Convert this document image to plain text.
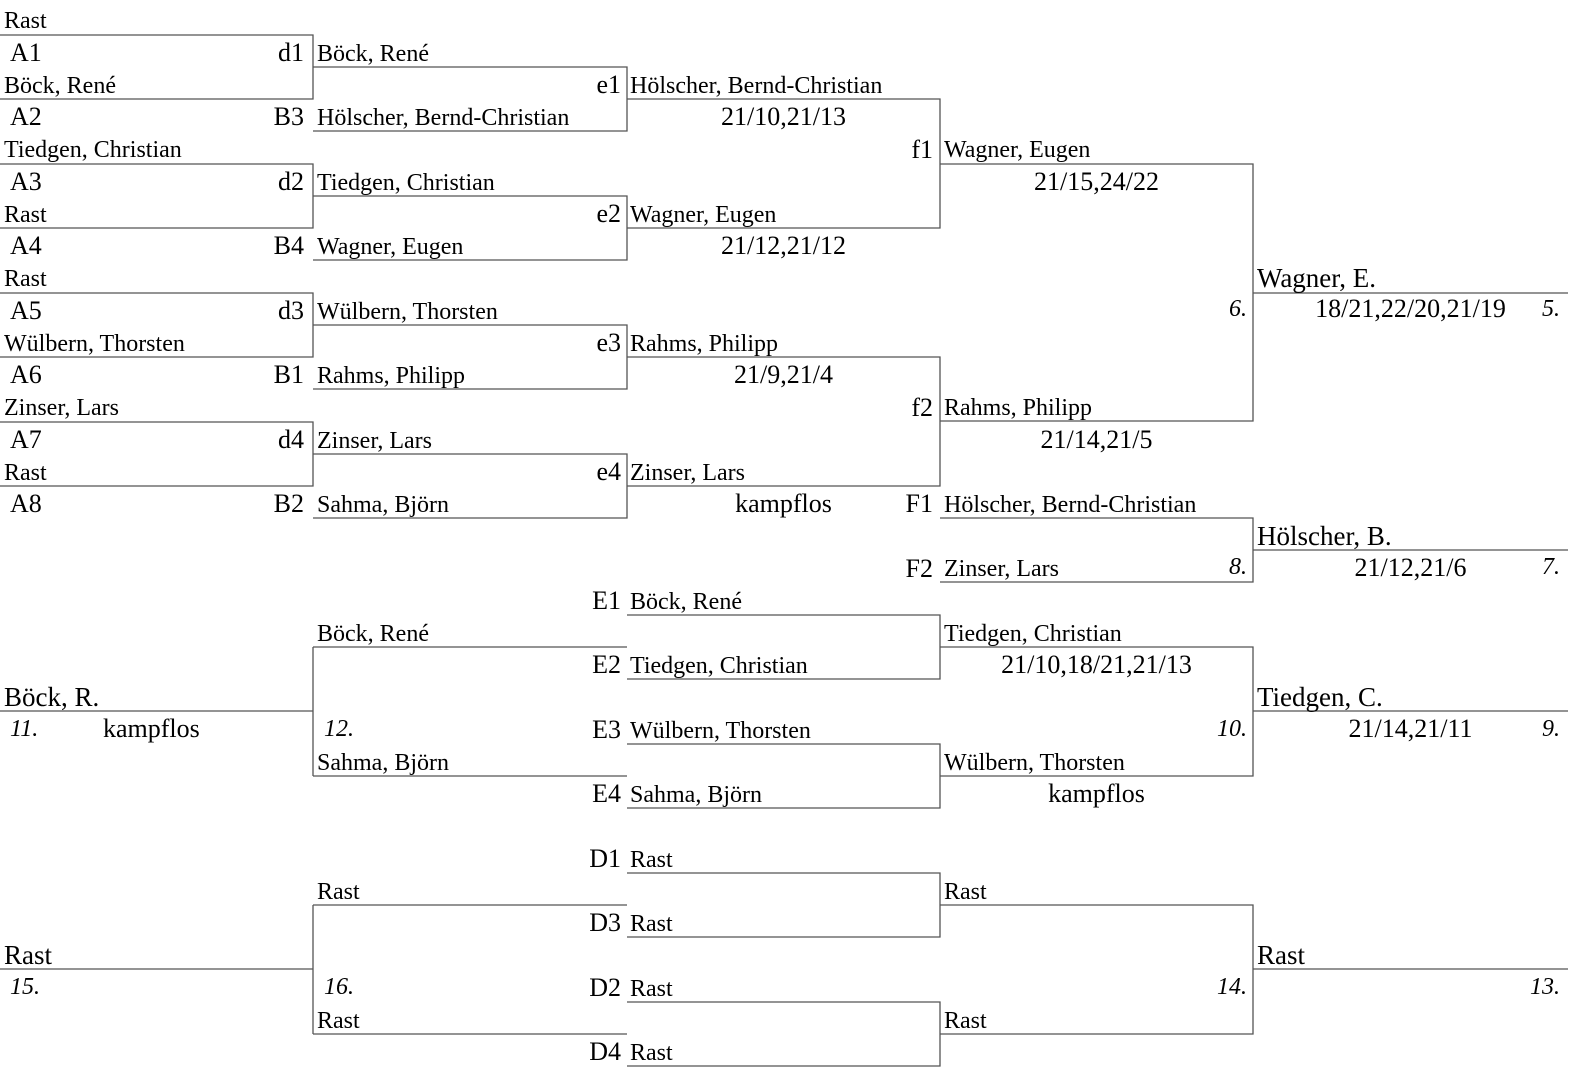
Rast
A1
Böck, René
A2
Tiedgen, Christian
A3
Rast
A4
Rast
A5
Wülbern, Thorsten
A6
Zinser, Lars
A7
Rast
A8
d1
B3
d2
B4
d3
B1
d4
B2
Böck, René
Hölscher, Bernd-Christian
Tiedgen, Christian
Wagner, Eugen
Wülbern, Thorsten
Rahms, Philipp
Zinser, Lars
Sahma, Björn
e1
e2
e3
e4
Hölscher, Bernd-Christian
21/10,21/13
Wagner, Eugen
21/12,21/12
Rahms, Philipp
21/9,21/4
Zinser, Lars
kampflos
f1
f2
Wagner, Eugen
21/15,24/22
Rahms, Philipp
21/14,21/5
Wagner, E.
18/21,22/20,21/19
6.	5.
F1 Hölscher, Bernd-Christian
F2 Zinser, Lars
Hölscher, B.
21/12,21/6
8.	7.
E1 Böck, René
E2 Tiedgen, Christian
E3 Wülbern, Thorsten
E4 Sahma, Björn
Tiedgen, Christian
21/10,18/21,21/13
Wülbern, Thorsten
kampflos
Tiedgen, C.
21/14,21/11
10.	9.
Böck, René
Sahma, Björn
12.
Böck, R.
11. kampflos
D1 Rast
D3 Rast
D2 Rast
D4 Rast
Rast
Rast
Rast
14.	13.
Rast
Rast
16.
Rast
15.
